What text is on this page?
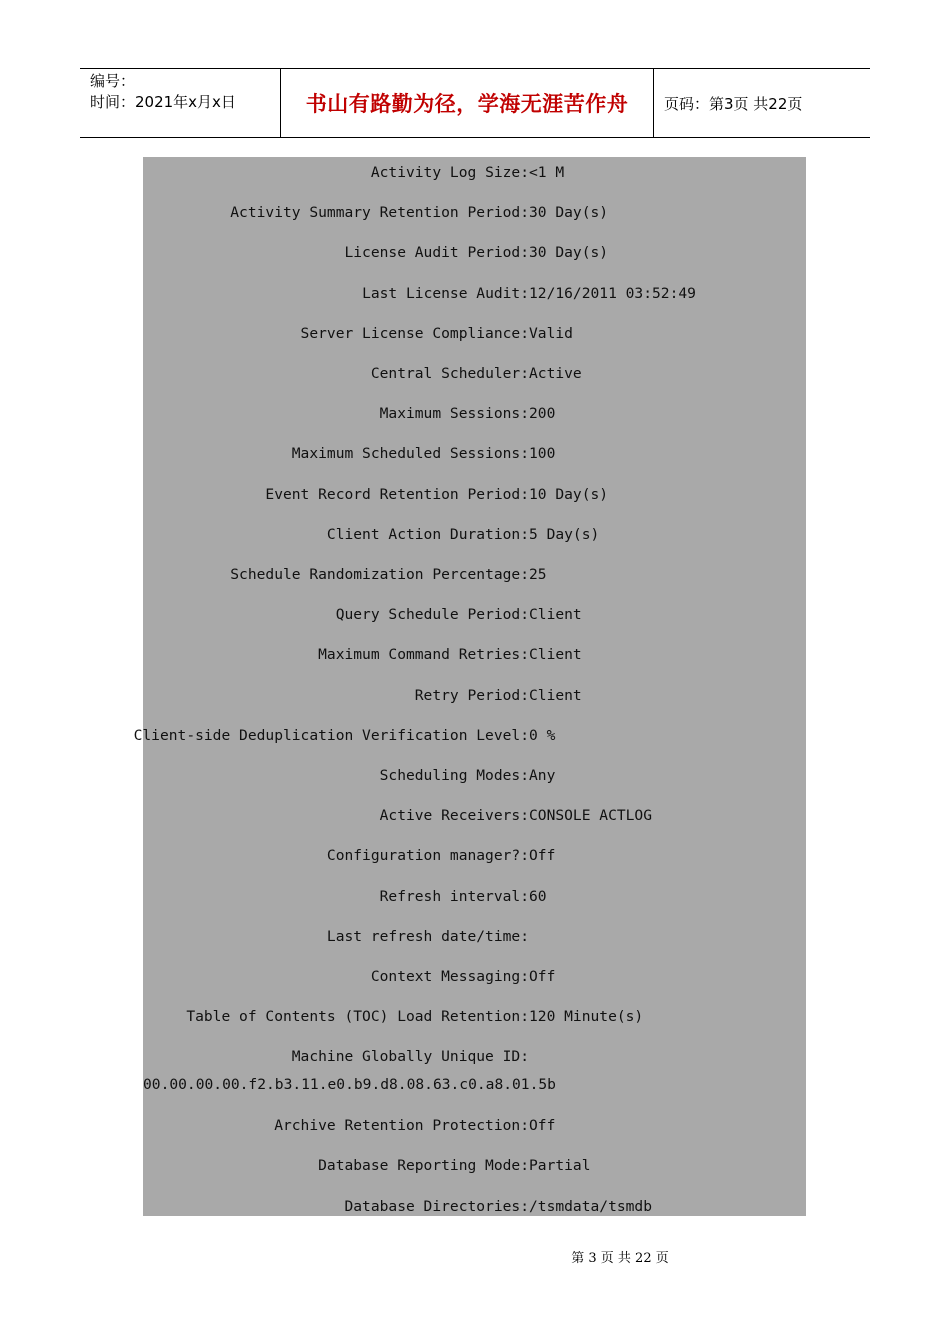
编号：
时间：2021年x月x日	书山有路勤为径，学海无涯苦作舟 页码：第3页 共22页
Activity Log Size: <1 M
Activity Summary Retention Period: 30 Day(s)
License Audit Period: 30 Day(s)
Last License Audit: 12/16/2011 03:52:49
Server License Compliance: Valid
Central Scheduler: Active
Maximum Sessions: 200
Maximum Scheduled Sessions: 100
Event Record Retention Period: 10 Day(s)
Client Action Duration: 5 Day(s)
Schedule Randomization Percentage: 25
Query Schedule Period: Client
Maximum Command Retries: Client
Retry Period: Client
Client-side Deduplication Verification Level: 0 %
Scheduling Modes: Any
Active Receivers: CONSOLE ACTLOG
Configuration manager?: Off
Refresh interval: 60
Last refresh date/time:
Context Messaging: Off
Table of Contents (TOC) Load Retention: 120 Minute(s)
Machine Globally Unique ID:
00.00.00.00.f2.b3.11.e0.b9.d8.08.63.c0.a8.01.5b
Archive Retention Protection: Off
Database Reporting Mode: Partial
Database Directories: /tsmdata/tsmdb
第 3 页 共 22 页
